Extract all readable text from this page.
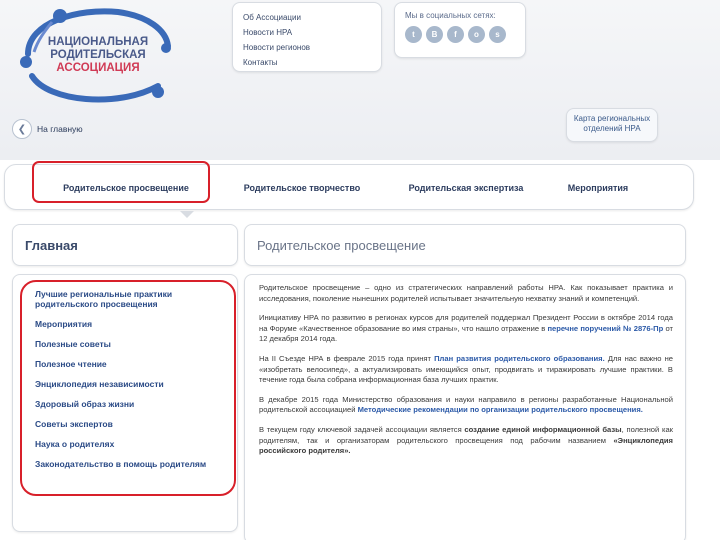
НАЦИОНАЛЬНАЯ
РОДИТЕЛЬСКАЯ
АССОЦИАЦИЯ
Об Ассоциации
Новости НРА
Новости регионов
Контакты
Мы в социальных сетях:
t	B	f	o	s
Карта региональных
отделений НРА
❮	На главную
Родительское просвещение	Родительское творчество	Родительская экспертиза	Мероприятия
Главная	Родительское просвещение
Лучшие региональные практики родительского просвещения
Мероприятия
Полезные советы
Полезное чтение
Энциклопедия независимости
Здоровый образ жизни
Советы экспертов
Наука о родителях
Законодательство в помощь родителям

Родительское просвещение – одно из стратегических направлений работы НРА. Как показывает практика и исследования, поколение нынешних родителей испытывает значительную нехватку знаний и компетенций.

Инициативу НРА по развитию в регионах курсов для родителей поддержал Президент России в октябре 2014 года на Форуме «Качественное образование во имя страны», что нашло отражение в перечне поручений № 2876-Пр от 12 декабря 2014 года.

На II Съезде НРА в феврале 2015 года принят План развития родительского образования. Для нас важно не «изобретать велосипед», а актуализировать имеющийся опыт, продвигать и тиражировать лучшие практики. В течение года была собрана информационная база лучших практик.

В декабре 2015 года Министерство образования и науки направило в регионы разработанные Национальной родительской ассоциацией Методические рекомендации по организации родительского просвещения.

В текущем году ключевой задачей ассоциации является создание единой информационной базы, полезной как родителям, так и организаторам родительского просвещения под рабочим названием «Энциклопедия российского родителя».
